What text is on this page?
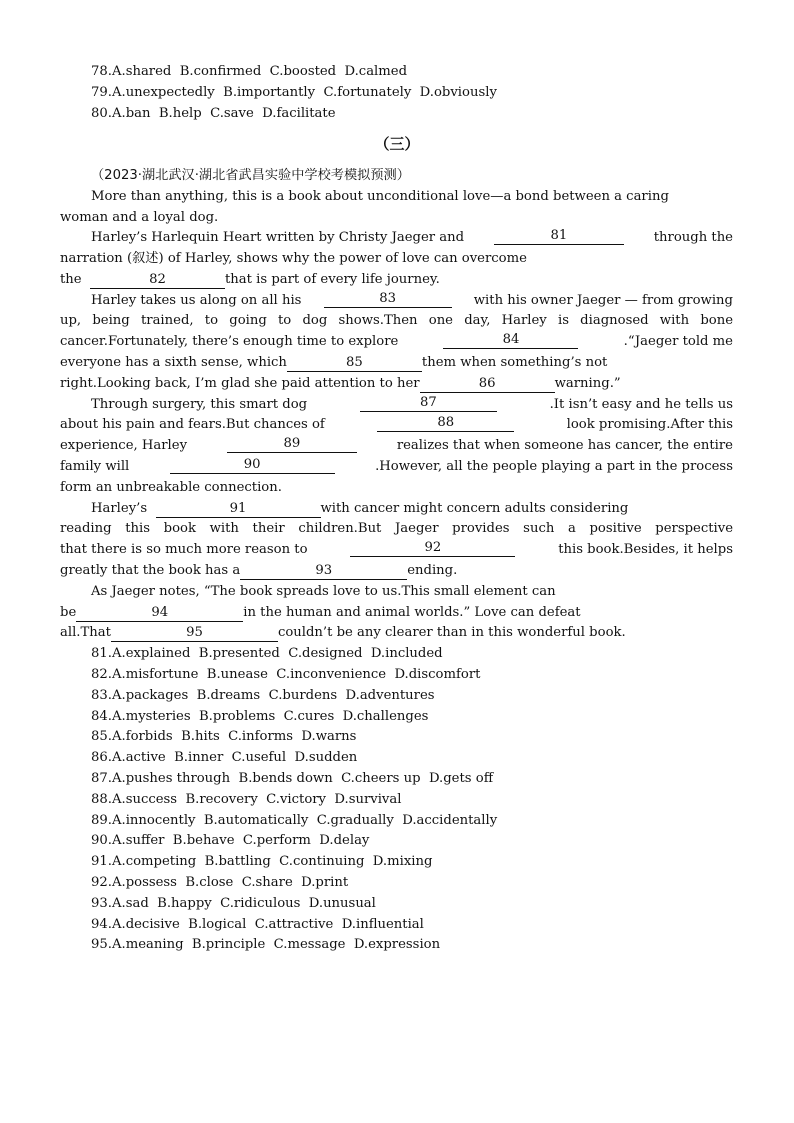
78.A.shared  B.confirmed  C.boosted  D.calmed
79.A.unexpectedly  B.importantly  C.fortunately  D.obviously
80.A.ban  B.help  C.save  D.facilitate
（三）
（2023·湖北武汉·湖北省武昌实验中学校考模拟预测）
More than anything, this is a book about unconditional love—a bond between a caring
woman and a loyal dog.
Harley’s Harlequin Heart written by Christy Jaeger and	81	through the
narration (叙述) of Harley, shows why the power of love can overcome
the	82	that is part of every life journey.
Harley takes us along on all his	83	with his owner Jaeger — from growing
up, being trained, to going to dog shows.Then one day, Harley is diagnosed with bone
cancer.Fortunately, there’s enough time to explore	84	.“Jaeger told me
everyone has a sixth sense, which	85	them when something’s not
right.Looking back, I’m glad she paid attention to her	86	warning.”
Through surgery, this smart dog	87	.It isn’t easy and he tells us
about his pain and fears.But chances of	88	look promising.After this
experience, Harley	89	realizes that when someone has cancer, the entire
family will	90	.However, all the people playing a part in the process
form an unbreakable connection.
Harley’s	91	with cancer might concern adults considering
reading this book with their children.But Jaeger provides such a positive perspective
that there is so much more reason to	92	this book.Besides, it helps
greatly that the book has a	93	ending.
As Jaeger notes, “The book spreads love to us.This small element can
be	94	in the human and animal worlds.” Love can defeat
all.That	95	couldn’t be any clearer than in this wonderful book.
81.A.explained  B.presented  C.designed  D.included
82.A.misfortune  B.unease  C.inconvenience  D.discomfort
83.A.packages  B.dreams  C.burdens  D.adventures
84.A.mysteries  B.problems  C.cures  D.challenges
85.A.forbids  B.hits  C.informs  D.warns
86.A.active  B.inner  C.useful  D.sudden
87.A.pushes through  B.bends down  C.cheers up  D.gets off
88.A.success  B.recovery  C.victory  D.survival
89.A.innocently  B.automatically  C.gradually  D.accidentally
90.A.suffer  B.behave  C.perform  D.delay
91.A.competing  B.battling  C.continuing  D.mixing
92.A.possess  B.close  C.share  D.print
93.A.sad  B.happy  C.ridiculous  D.unusual
94.A.decisive  B.logical  C.attractive  D.influential
95.A.meaning  B.principle  C.message  D.expression
